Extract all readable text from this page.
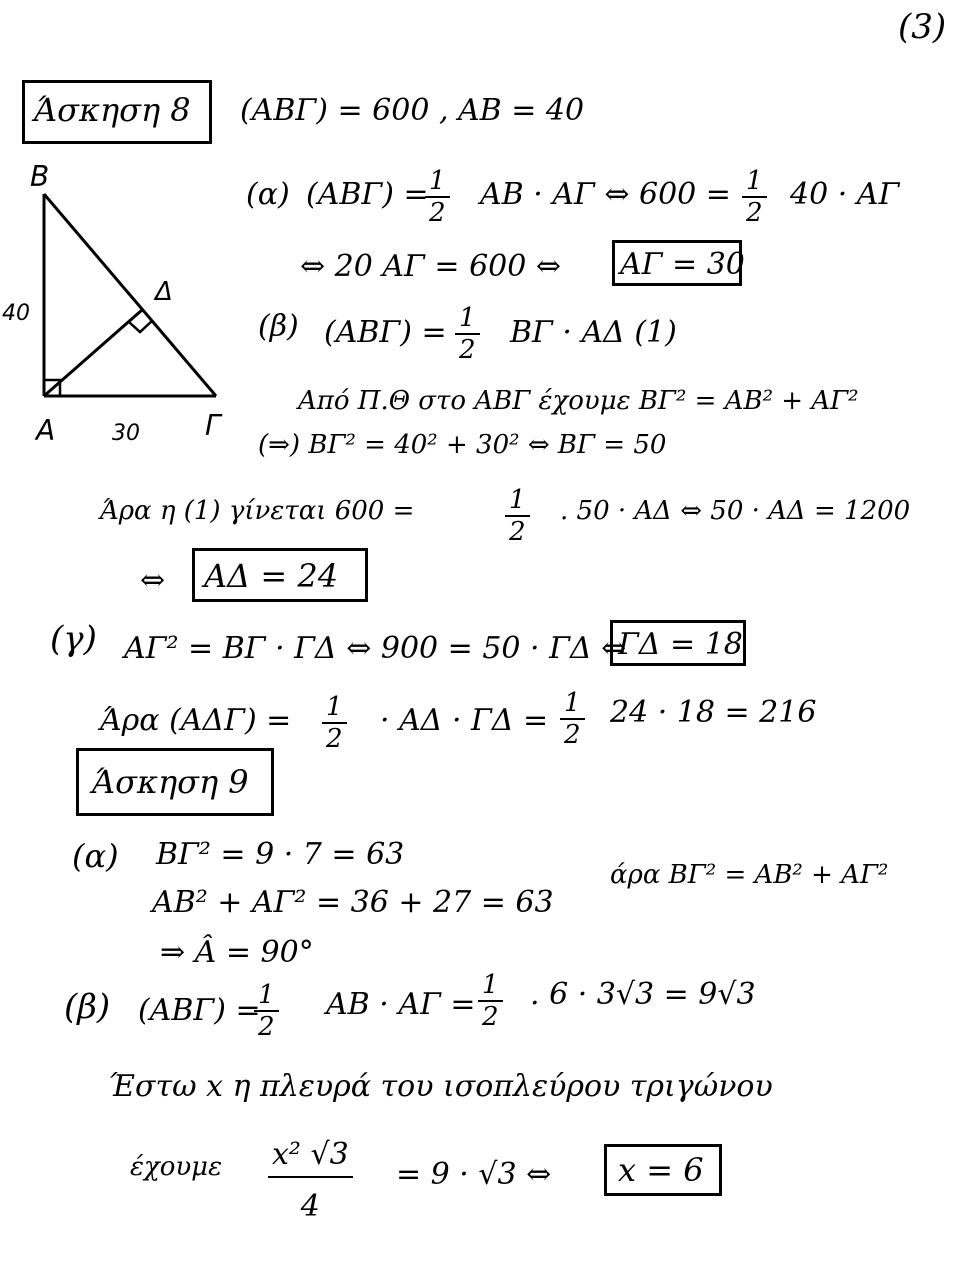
(3)
Άσκηση 8 (ΑΒΓ) = 600 , ΑΒ = 40
Β
Α	Γ
Δ
40
30
(α) (ΑΒΓ) = 1
2
ΑΒ · ΑΓ ⇔ 600 = 1
2
40 · ΑΓ
⇔ 20 ΑΓ = 600 ⇔ ΑΓ = 30
(β) (ΑΒΓ) = 1
2 ΒΓ · ΑΔ (1)
Από Π.Θ στο ΑΒΓ έχουμε ΒΓ² = ΑΒ² + ΑΓ²
(⇒) ΒΓ² = 40² + 30² ⇔ ΒΓ = 50
Άρα η (1) γίνεται 600 =	1
2
. 50 · ΑΔ ⇔ 50 · ΑΔ = 1200
⇔ ΑΔ = 24
(γ) ΑΓ² = ΒΓ · ΓΔ ⇔ 900 = 50 · ΓΔ ⇔
ΓΔ = 18
Άρα (ΑΔΓ) = 1
2
· ΑΔ · ΓΔ = 1
2
24 · 18 = 216
Άσκηση 9
(α) ΒΓ² = 9 · 7 = 63
ΑΒ² + ΑΓ² = 36 + 27 = 63
άρα ΒΓ² = ΑΒ² + ΑΓ²
⇒ Â = 90°
(β) (ΑΒΓ) =
1
2
ΑΒ · ΑΓ =
1
2
. 6 · 3√3 = 9√3
Έστω x η πλευρά του ισοπλεύρου τριγώνου
έχουμε x² √3
4
= 9 · √3 ⇔ x = 6
